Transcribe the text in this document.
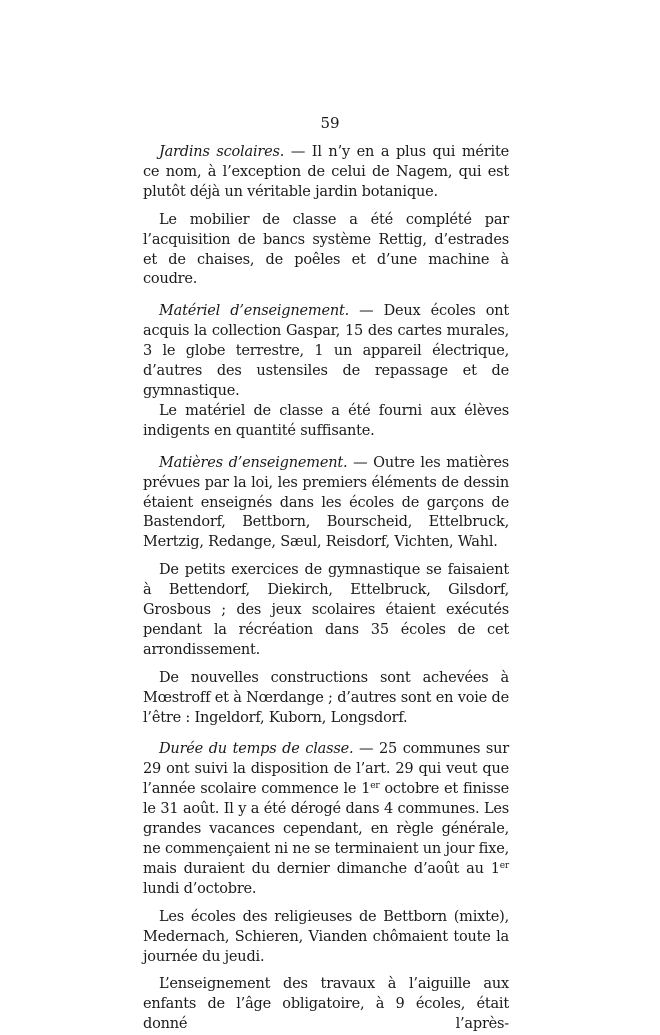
59

Jardins scolaires. — Il n’y en a plus qui mérite ce nom, à l’exception de celui de Nagem, qui est plutôt déjà un véritable jardin botanique.

Le mobilier de classe a été complété par l’acquisition de bancs système Rettig, d’estrades et de chaises, de poêles et d’une machine à coudre.

Matériel d’enseignement. — Deux écoles ont acquis la collection Gaspar, 15 des cartes murales, 3 le globe terrestre, 1 un appareil électrique, d’autres des ustensiles de repassage et de gymnastique.

Le matériel de classe a été fourni aux élèves indigents en quantité suffisante.

Matières d’enseignement. — Outre les matières prévues par la loi, les premiers éléments de dessin étaient enseignés dans les écoles de garçons de Bastendorf, Bettborn, Bourscheid, Ettelbruck, Mertzig, Redange, Sæul, Reisdorf, Vichten, Wahl.

De petits exercices de gymnastique se faisaient à Bettendorf, Diekirch, Ettelbruck, Gilsdorf, Grosbous ; des jeux scolaires étaient exécutés pendant la récréation dans 35 écoles de cet arrondissement.

De nouvelles constructions sont achevées à Mœstroff et à Nœrdange ; d’autres sont en voie de l’être : Ingeldorf, Kuborn, Longsdorf.

Durée du temps de classe. — 25 communes sur 29 ont suivi la disposition de l’art. 29 qui veut que l’année scolaire commence le 1er octobre et finisse le 31 août. Il y a été dérogé dans 4 communes. Les grandes vacances cependant, en règle générale, ne commençaient ni ne se terminaient un jour fixe, mais duraient du dernier dimanche d’août au 1er lundi d’octobre.

Les écoles des religieuses de Bettborn (mixte), Medernach, Schieren, Vianden chômaient toute la journée du jeudi.

L’enseignement des travaux à l’aiguille aux enfants de l’âge obligatoire, à 9 écoles, était donné l’après-
